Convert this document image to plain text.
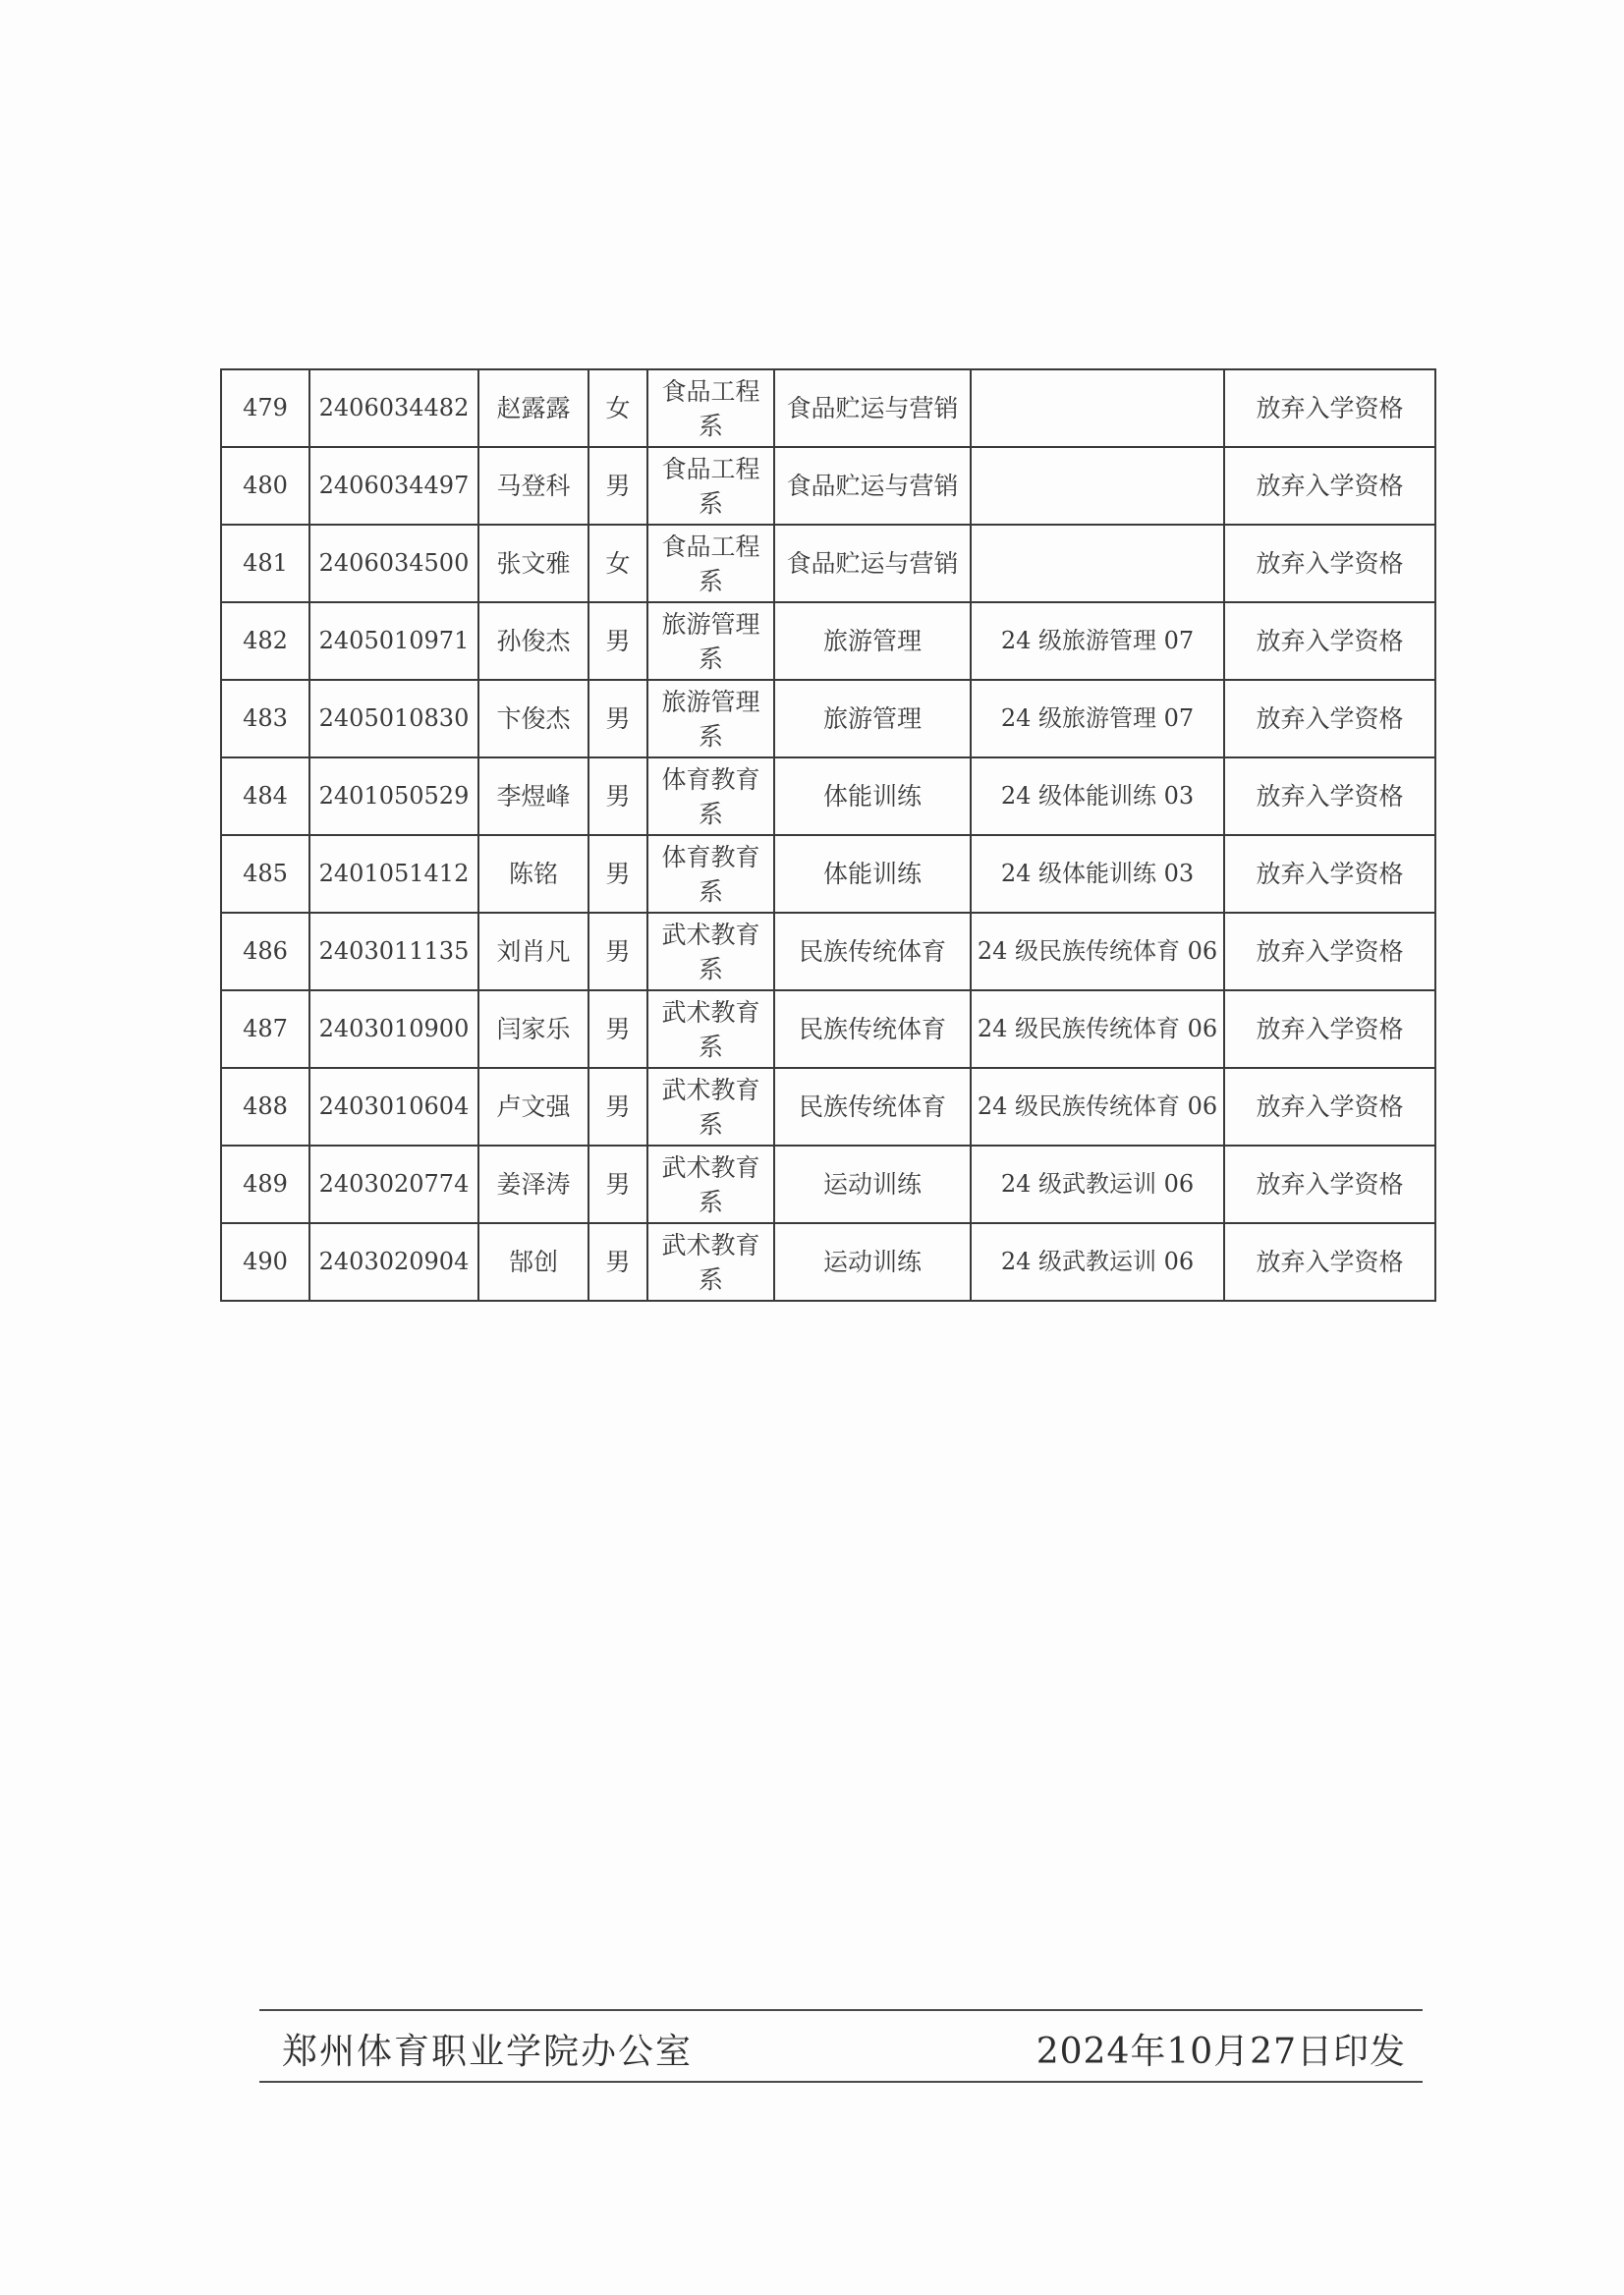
479	2406034482	赵露露	女	食品工程系	食品贮运与营销		放弃入学资格
480	2406034497	马登科	男	食品工程系	食品贮运与营销		放弃入学资格
481	2406034500	张文雅	女	食品工程系	食品贮运与营销		放弃入学资格
482	2405010971	孙俊杰	男	旅游管理系	旅游管理	24 级旅游管理 07	放弃入学资格
483	2405010830	卞俊杰	男	旅游管理系	旅游管理	24 级旅游管理 07	放弃入学资格
484	2401050529	李煜峰	男	体育教育系	体能训练	24 级体能训练 03	放弃入学资格
485	2401051412	陈铭	男	体育教育系	体能训练	24 级体能训练 03	放弃入学资格
486	2403011135	刘肖凡	男	武术教育系	民族传统体育	24 级民族传统体育 06	放弃入学资格
487	2403010900	闫家乐	男	武术教育系	民族传统体育	24 级民族传统体育 06	放弃入学资格
488	2403010604	卢文强	男	武术教育系	民族传统体育	24 级民族传统体育 06	放弃入学资格
489	2403020774	姜泽涛	男	武术教育系	运动训练	24 级武教运训 06	放弃入学资格
490	2403020904	郜创	男	武术教育系	运动训练	24 级武教运训 06	放弃入学资格
郑州体育职业学院办公室	2024年10月27日印发
